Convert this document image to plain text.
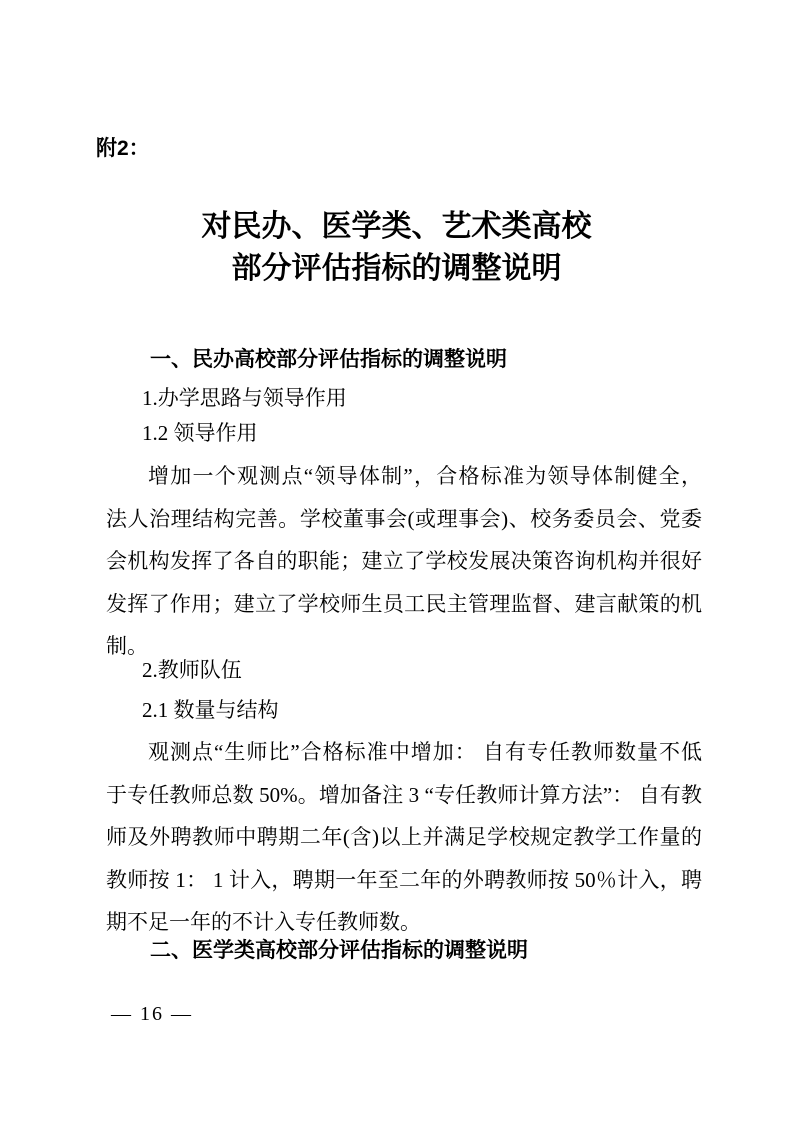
附2：
对民办、医学类、艺术类高校
部分评估指标的调整说明
一、民办高校部分评估指标的调整说明
1.办学思路与领导作用
1.2 领导作用
增加一个观测点“领导体制”，合格标准为领导体制健全，
法人治理结构完善。学校董事会(或理事会)、校务委员会、党委
会机构发挥了各自的职能；建立了学校发展决策咨询机构并很好
发挥了作用；建立了学校师生员工民主管理监督、建言献策的机
制。
2.教师队伍
2.1 数量与结构
观测点“生师比”合格标准中增加： 自有专任教师数量不低
于专任教师总数 50%。增加备注 3 “专任教师计算方法”： 自有教
师及外聘教师中聘期二年(含)以上并满足学校规定教学工作量的
教师按 1： 1 计入，聘期一年至二年的外聘教师按 50％计入，聘
期不足一年的不计入专任教师数。
二、医学类高校部分评估指标的调整说明
— 16 —
